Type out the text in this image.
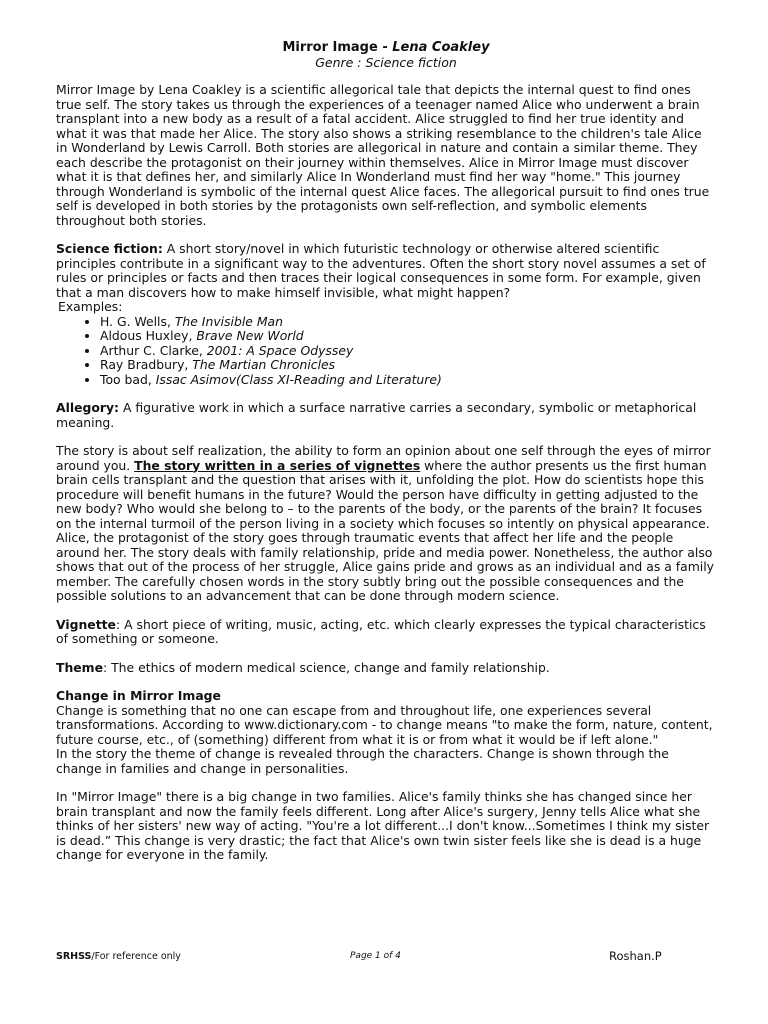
Mirror Image - Lena Coakley
Genre : Science fiction

Mirror Image by Lena Coakley is a scientific allegorical tale that depicts the internal quest to find ones true self. The story takes us through the experiences of a teenager named Alice who underwent a brain transplant into a new body as a result of a fatal accident. Alice struggled to find her true identity and what it was that made her Alice. The story also shows a striking resemblance to the children's tale Alice in Wonderland by Lewis Carroll. Both stories are allegorical in nature and contain a similar theme. They each describe the protagonist on their journey within themselves. Alice in Mirror Image must discover what it is that defines her, and similarly Alice In Wonderland must find her way "home." This journey through Wonderland is symbolic of the internal quest Alice faces. The allegorical pursuit to find ones true self is developed in both stories by the protagonists own self-reflection, and symbolic elements throughout both stories.

Science fiction: A short story/novel in which futuristic technology or otherwise altered scientific principles contribute in a significant way to the adventures. Often the short story novel assumes a set of rules or principles or facts and then traces their logical consequences in some form. For example, given that a man discovers how to make himself invisible, what might happen?

Examples:
• H. G. Wells, The Invisible Man
• Aldous Huxley, Brave New World
• Arthur C. Clarke, 2001: A Space Odyssey
• Ray Bradbury, The Martian Chronicles
• Too bad, Issac Asimov(Class XI-Reading and Literature)

Allegory: A figurative work in which a surface narrative carries a secondary, symbolic or metaphorical meaning.

The story is about self realization, the ability to form an opinion about one self through the eyes of mirror around you. The story written in a series of vignettes where the author presents us the first human brain cells transplant and the question that arises with it, unfolding the plot. How do scientists hope this procedure will benefit humans in the future? Would the person have difficulty in getting adjusted to the new body? Who would she belong to – to the parents of the body, or the parents of the brain? It focuses on the internal turmoil of the person living in a society which focuses so intently on physical appearance. Alice, the protagonist of the story goes through traumatic events that affect her life and the people around her. The story deals with family relationship, pride and media power. Nonetheless, the author also shows that out of the process of her struggle, Alice gains pride and grows as an individual and as a family member. The carefully chosen words in the story subtly bring out the possible consequences and the possible solutions to an advancement that can be done through modern science.

Vignette: A short piece of writing, music, acting, etc. which clearly expresses the typical characteristics of something or someone.

Theme: The ethics of modern medical science, change and family relationship.

Change in Mirror Image
Change is something that no one can escape from and throughout life, one experiences several transformations. According to www.dictionary.com - to change means "to make the form, nature, content, future course, etc., of (something) different from what it is or from what it would be if left alone."

In the story the theme of change is revealed through the characters. Change is shown through the change in families and change in personalities.

In "Mirror Image" there is a big change in two families. Alice's family thinks she has changed since her brain transplant and now the family feels different. Long after Alice's surgery, Jenny tells Alice what she thinks of her sisters' new way of acting. "You're a lot different...I don't know...Sometimes I think my sister is dead.” This change is very drastic; the fact that Alice's own twin sister feels like she is dead is a huge change for everyone in the family.

SRHSS/For reference only	Page 1 of 4	Roshan.P
